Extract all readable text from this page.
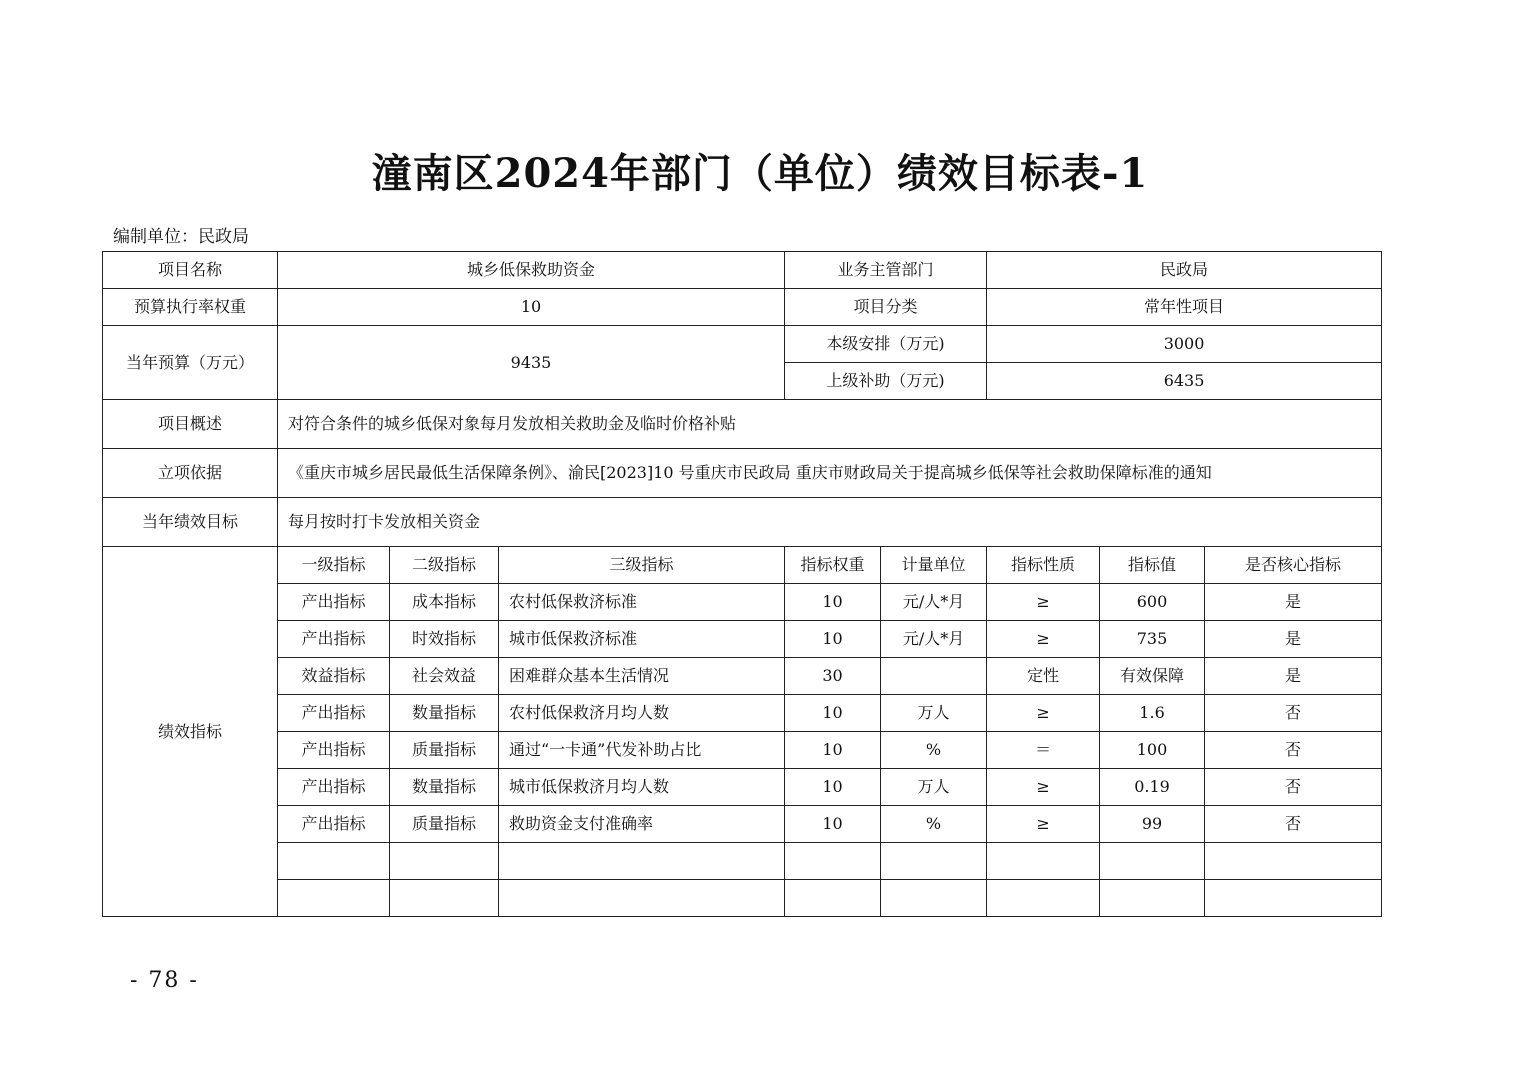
潼南区2024年部门（单位）绩效目标表-1
编制单位：民政局
项目名称	城乡低保救助资金			业务主管部门		民政局		
预算执行率权重	10			项目分类		常年性项目		
当年预算（万元）	9435			本级安排（万元)		3000		
				上级补助（万元)		6435		
项目概述	对符合条件的城乡低保对象每月发放相关救助金及临时价格补贴							
立项依据	《重庆市城乡居民最低生活保障条例》、渝民[2023]10 号重庆市民政局 重庆市财政局关于提高城乡低保等社会救助保障标准的通知							
当年绩效目标	每月按时打卡发放相关资金							
绩效指标	一级指标	二级指标	三级指标	指标权重	计量单位	指标性质	指标值	是否核心指标
	产出指标	成本指标	农村低保救济标准	10	元/人*月	≥	600	是
	产出指标	时效指标	城市低保救济标准	10	元/人*月	≥	735	是
	效益指标	社会效益	困难群众基本生活情况	30		定性	有效保障	是
	产出指标	数量指标	农村低保救济月均人数	10	万人	≥	1.6	否
	产出指标	质量指标	通过“一卡通”代发补助占比	10	%	＝	100	否
	产出指标	数量指标	城市低保救济月均人数	10	万人	≥	0.19	否
	产出指标	质量指标	救助资金支付准确率	10	%	≥	99	否

- 78 -
